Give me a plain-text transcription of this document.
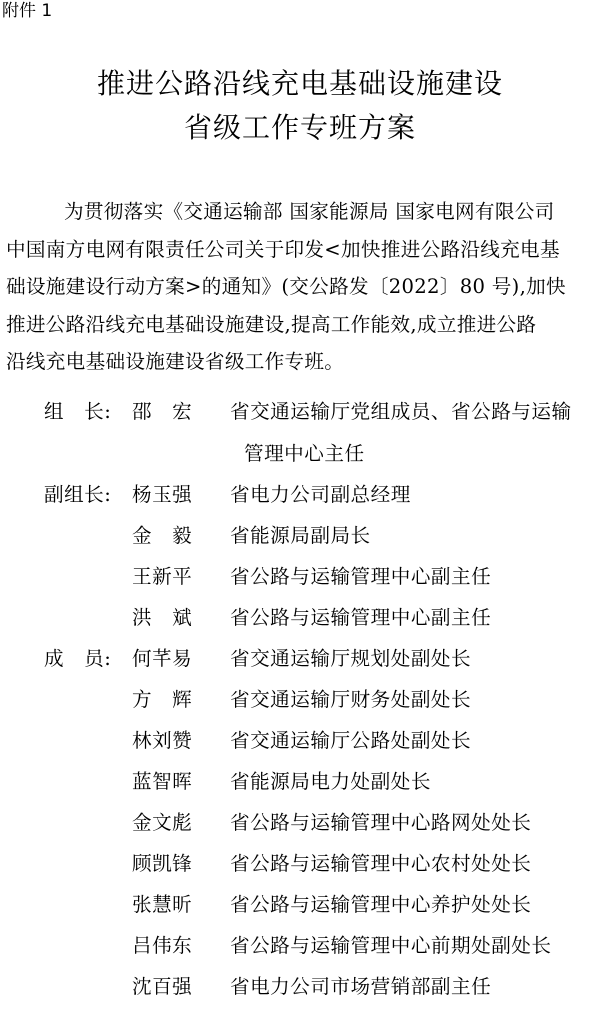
附件 1
推进公路沿线充电基础设施建设
省级工作专班方案
为贯彻落实《交通运输部 国家能源局 国家电网有限公司
中国南方电网有限责任公司关于印发<加快推进公路沿线充电基
础设施建设行动方案>的通知》(交公路发〔2022〕80 号),加快
推进公路沿线充电基础设施建设,提高工作能效,成立推进公路
沿线充电基础设施建设省级工作专班。
组　长: 邵　宏 省交通运输厅党组成员、省公路与运输
管理中心主任
副组长: 杨玉强 省电力公司副总经理
金　毅 省能源局副局长
王新平 省公路与运输管理中心副主任
洪　斌 省公路与运输管理中心副主任
成　员: 何芊易 省交通运输厅规划处副处长
方　辉 省交通运输厅财务处副处长
林刘赞 省交通运输厅公路处副处长
蓝智晖 省能源局电力处副处长
金文彪 省公路与运输管理中心路网处处长
顾凯锋 省公路与运输管理中心农村处处长
张慧昕 省公路与运输管理中心养护处处长
吕伟东 省公路与运输管理中心前期处副处长
沈百强 省电力公司市场营销部副主任
